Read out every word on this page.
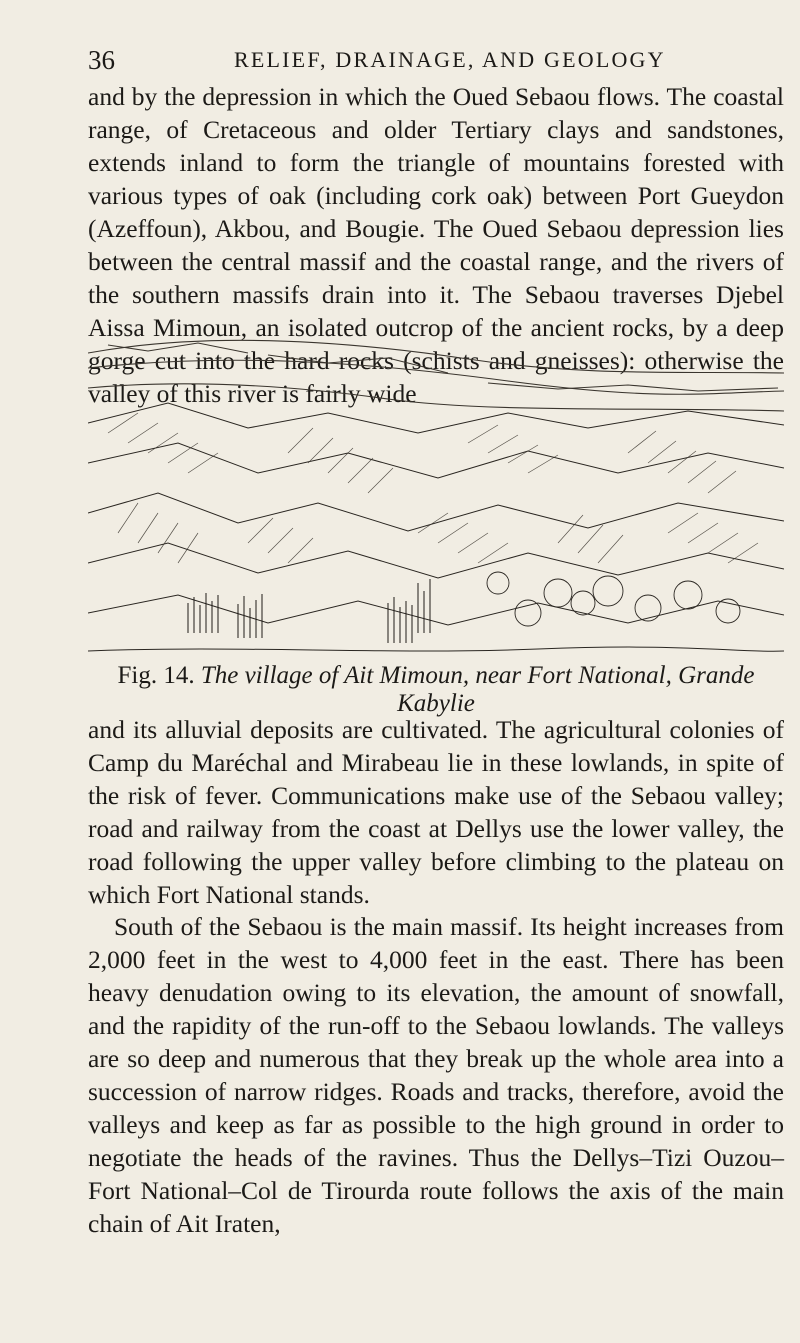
36	RELIEF, DRAINAGE, AND GEOLOGY

and by the depression in which the Oued Sebaou flows. The coastal range, of Cretaceous and older Tertiary clays and sandstones, extends inland to form the triangle of mountains forested with various types of oak (including cork oak) between Port Gueydon (Azeffoun), Akbou, and Bougie. The Oued Sebaou depression lies between the central massif and the coastal range, and the rivers of the southern massifs drain into it. The Sebaou traverses Djebel Aissa Mimoun, an isolated outcrop of the ancient rocks, by a deep gorge cut into the hard rocks (schists and gneisses): otherwise the valley of this river is fairly wide

Fig. 14. The village of Ait Mimoun, near Fort National, Grande Kabylie

and its alluvial deposits are cultivated. The agricultural colonies of Camp du Maréchal and Mirabeau lie in these lowlands, in spite of the risk of fever. Communications make use of the Sebaou valley; road and railway from the coast at Dellys use the lower valley, the road following the upper valley before climbing to the plateau on which Fort National stands.

South of the Sebaou is the main massif. Its height increases from 2,000 feet in the west to 4,000 feet in the east. There has been heavy denudation owing to its elevation, the amount of snowfall, and the rapidity of the run-off to the Sebaou lowlands. The valleys are so deep and numerous that they break up the whole area into a succession of narrow ridges. Roads and tracks, therefore, avoid the valleys and keep as far as possible to the high ground in order to negotiate the heads of the ravines. Thus the Dellys–Tizi Ouzou–Fort National–Col de Tirourda route follows the axis of the main chain of Ait Iraten,
